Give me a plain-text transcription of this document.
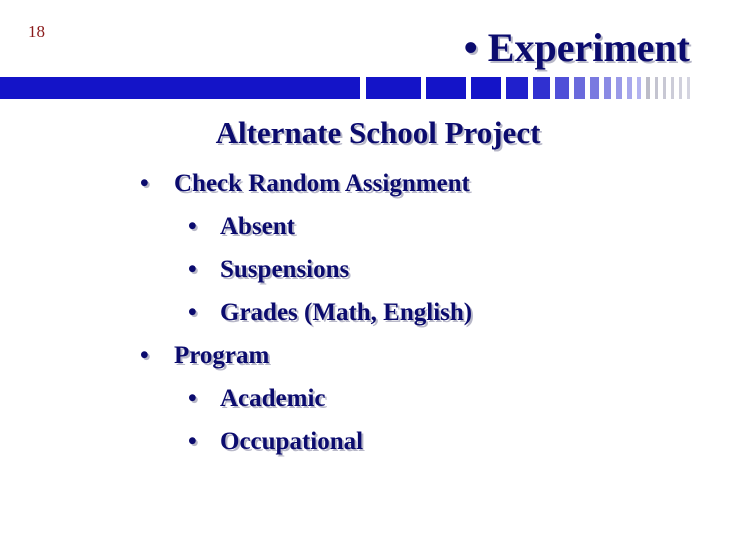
18	• Experiment
Alternate School Project
• Check Random Assignment
• Absent
• Suspensions
• Grades (Math, English)
• Program
• Academic
• Occupational
